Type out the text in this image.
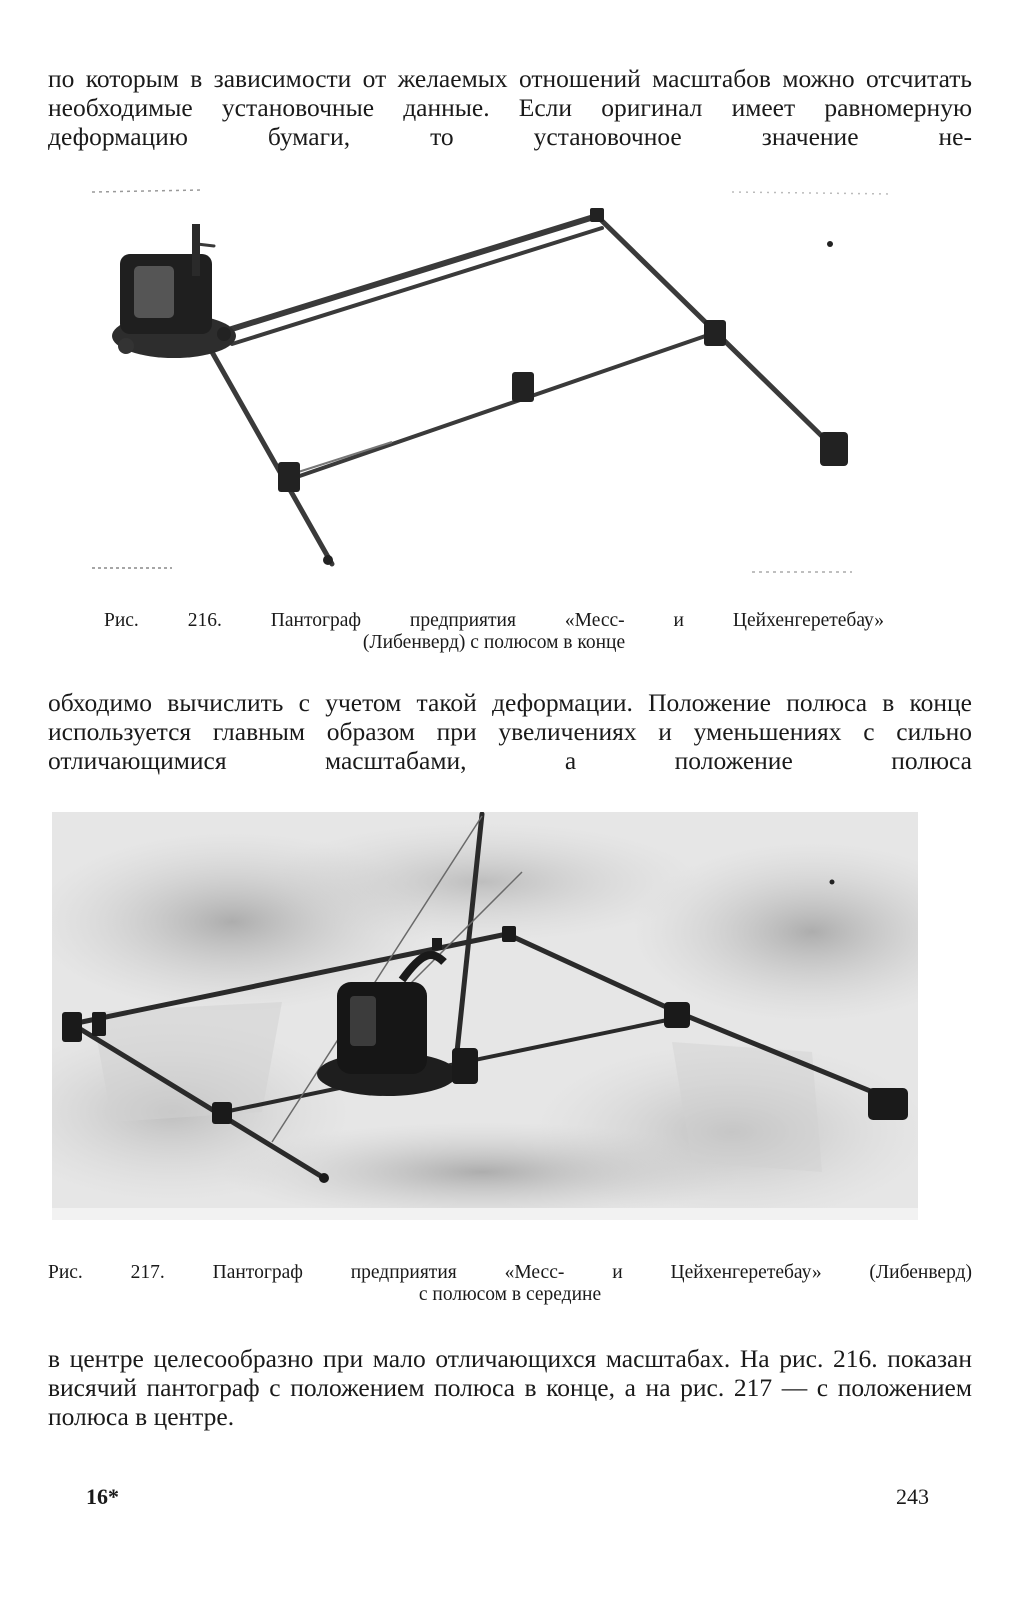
по которым в зависимости от желаемых отношений масштабов можно отсчитать необходимые установочные данные. Если оригинал имеет равномерную деформацию бумаги, то установочное значение не-

Рис. 216. Пантограф предприятия «Месс- и Цейхенгеретебау»
(Либенверд) с полюсом в конце

обходимо вычислить с учетом такой деформации. Положение полюса в конце используется главным образом при увеличениях и уменьшениях с сильно отличающимися масштабами, а положение полюса

Рис. 217. Пантограф предприятия «Месс- и Цейхенгеретебау» (Либенверд)
с полюсом в середине

в центре целесообразно при мало отличающихся масштабах. На рис. 216. показан висячий пантограф с положением полюса в конце, а на рис. 217 — с положением полюса в центре.

16*	243
